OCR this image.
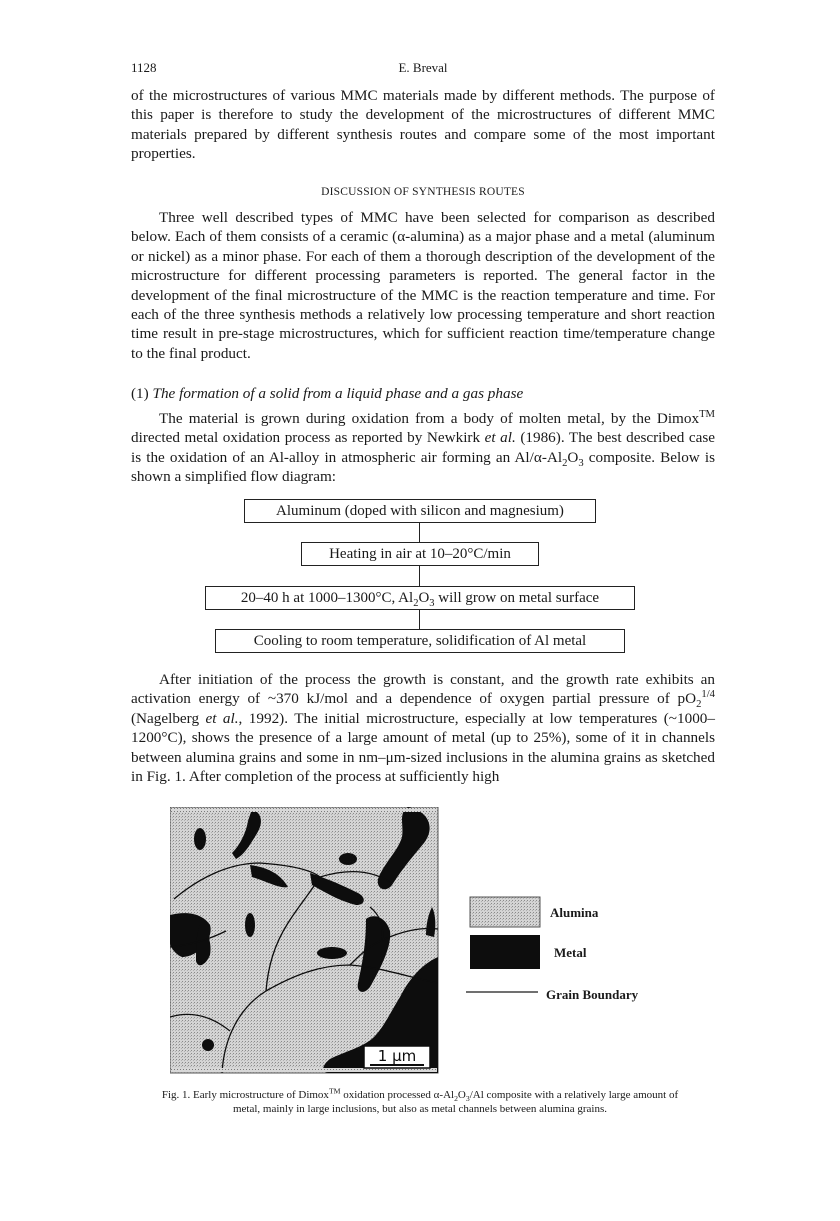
1128	E. Breval

of the microstructures of various MMC materials made by different methods. The purpose of this paper is therefore to study the development of the microstructures of different MMC materials prepared by different synthesis routes and compare some of the most important properties.

DISCUSSION OF SYNTHESIS ROUTES

Three well described types of MMC have been selected for comparison as described below. Each of them consists of a ceramic (α-alumina) as a major phase and a metal (aluminum or nickel) as a minor phase. For each of them a thorough description of the development of the microstructure for different processing parameters is reported. The general factor in the development of the final microstructure of the MMC is the reaction temperature and time. For each of the three synthesis methods a relatively low processing temperature and short reaction time result in pre-stage microstructures, which for sufficient reaction time/temperature change to the final product.

(1) The formation of a solid from a liquid phase and a gas phase

The material is grown during oxidation from a body of molten metal, by the Dimox™ directed metal oxidation process as reported by Newkirk et al. (1986). The best described case is the oxidation of an Al-alloy in atmospheric air forming an $Al/\alpha-Al_2O_3$ composite. Below is shown a simplified flow diagram:

Aluminum (doped with silicon and magnesium)
Heating in air at 10–20°C/min
20–40 h at 1000–1300°C, $Al_2O_3$ will grow on metal surface
Cooling to room temperature, solidification of Al metal

After initiation of the process the growth is constant, and the growth rate exhibits an activation energy of ~370 kJ/mol and a dependence of oxygen partial pressure of $pO_2^{1/4}$ (Nagelberg et al., 1992). The initial microstructure, especially at low temperatures (~1000–1200°C), shows the presence of a large amount of metal (up to 25%), some of it in channels between alumina grains and some in nm–μm-sized inclusions in the alumina grains as sketched in Fig. 1. After completion of the process at sufficiently high

1 μm
Alumina
Metal
Grain Boundary
Fig. 1. Early microstructure of Dimox™ oxidation processed $\alpha-Al_2O_3/Al$ composite with a relatively large amount of metal, mainly in large inclusions, but also as metal channels between alumina grains.
